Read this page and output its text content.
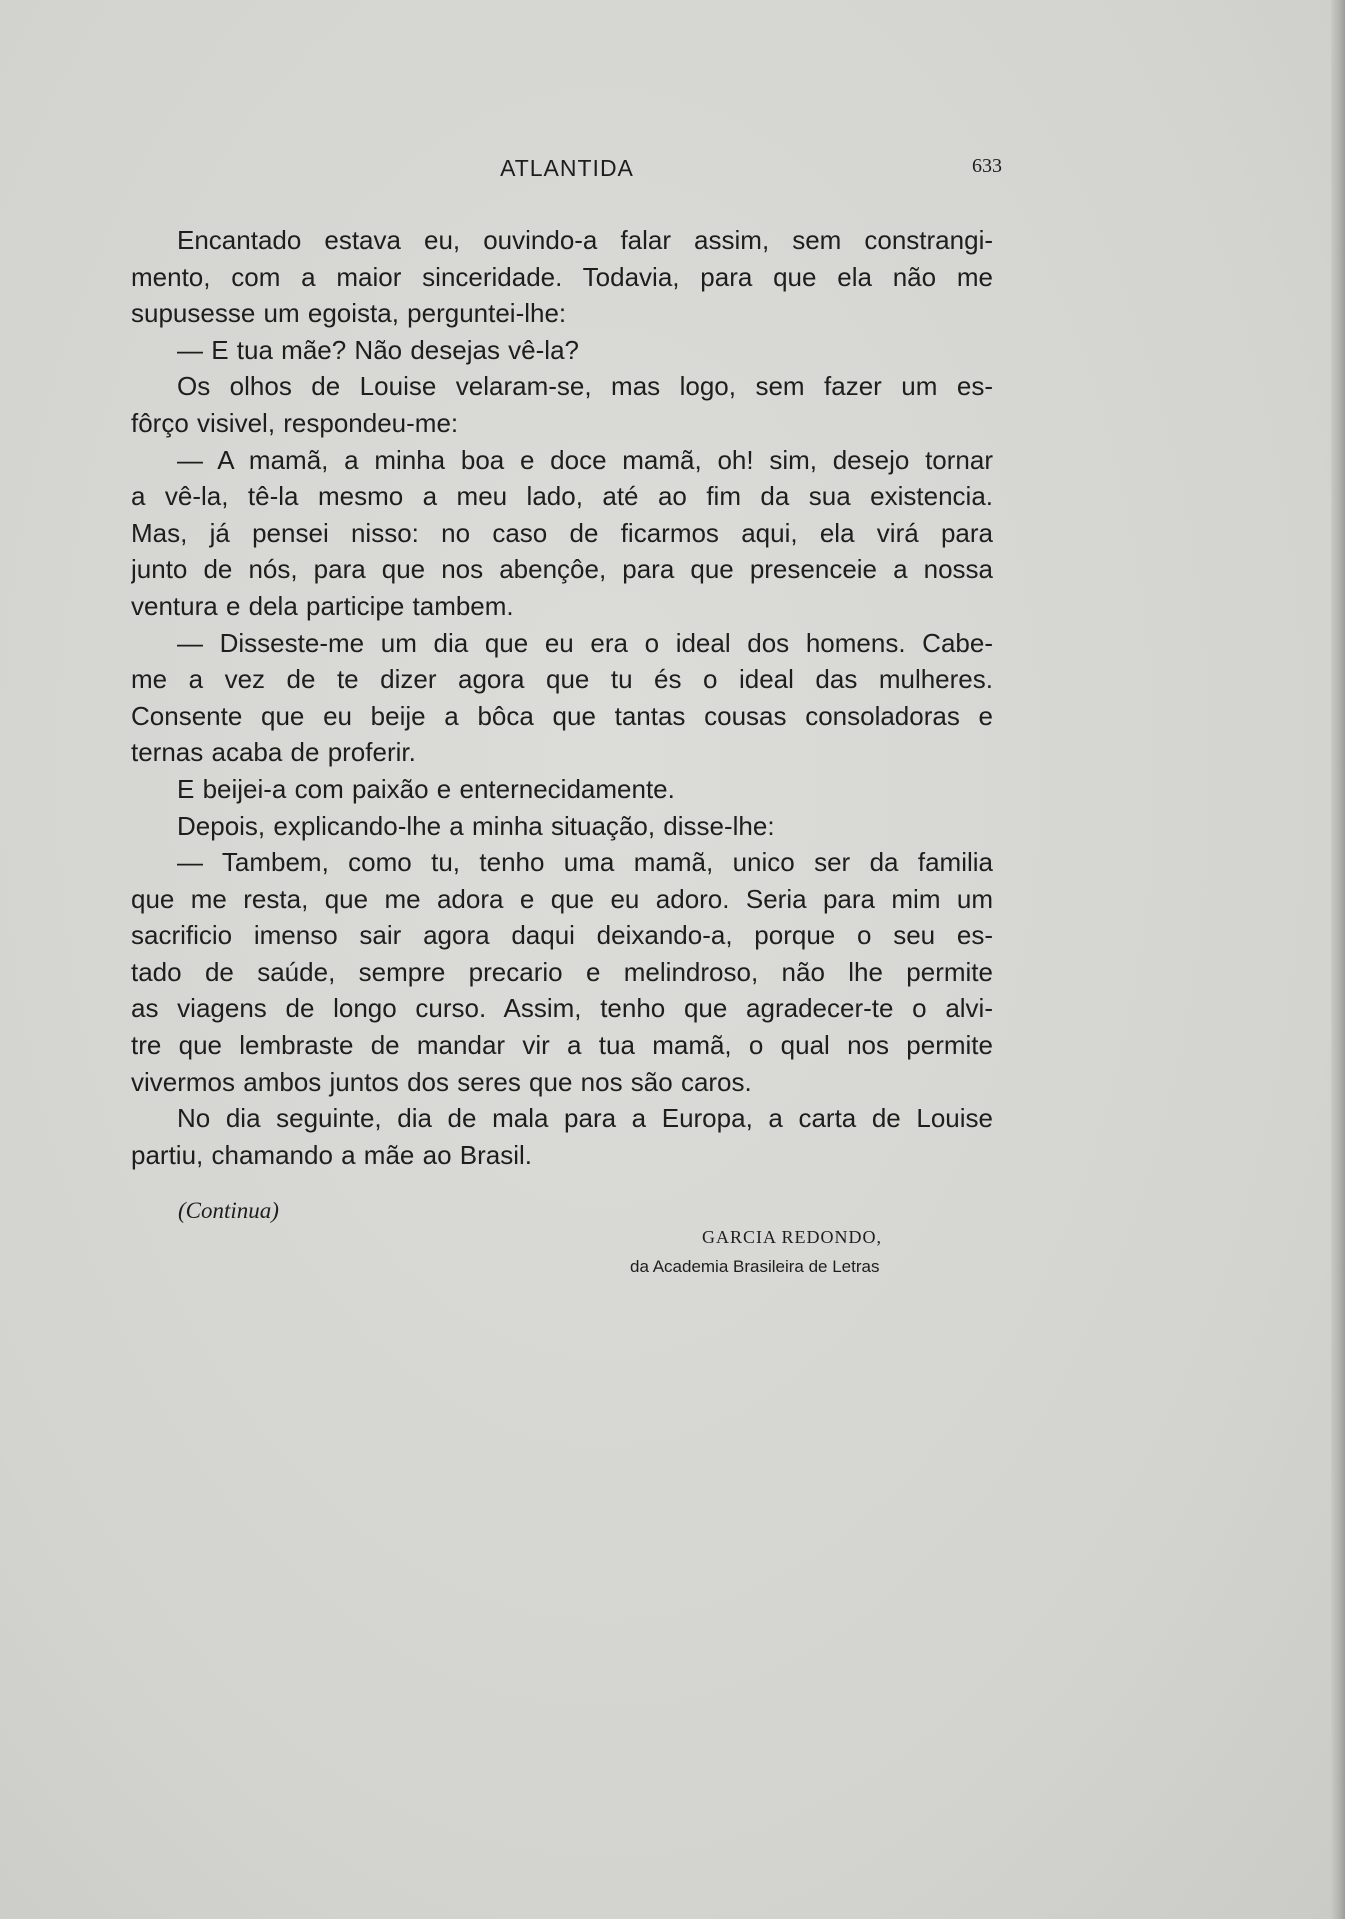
ATLANTIDA	633
Encantado estava eu, ouvindo-a falar assim, sem constrangi-
mento, com a maior sinceridade. Todavia, para que ela não me
supusesse um egoista, perguntei-lhe:
— E tua mãe? Não desejas vê-la?
Os olhos de Louise velaram-se, mas logo, sem fazer um es-
fôrço visivel, respondeu-me:
— A mamã, a minha boa e doce mamã, oh! sim, desejo tornar
a vê-la, tê-la mesmo a meu lado, até ao fim da sua existencia.
Mas, já pensei nisso: no caso de ficarmos aqui, ela virá para
junto de nós, para que nos abençôe, para que presenceie a nossa
ventura e dela participe tambem.
— Disseste-me um dia que eu era o ideal dos homens. Cabe-
me a vez de te dizer agora que tu és o ideal das mulheres.
Consente que eu beije a bôca que tantas cousas consoladoras e
ternas acaba de proferir.
E beijei-a com paixão e enternecidamente.
Depois, explicando-lhe a minha situação, disse-lhe:
— Tambem, como tu, tenho uma mamã, unico ser da familia
que me resta, que me adora e que eu adoro. Seria para mim um
sacrificio imenso sair agora daqui deixando-a, porque o seu es-
tado de saúde, sempre precario e melindroso, não lhe permite
as viagens de longo curso. Assim, tenho que agradecer-te o alvi-
tre que lembraste de mandar vir a tua mamã, o qual nos permite
vivermos ambos juntos dos seres que nos são caros.
No dia seguinte, dia de mala para a Europa, a carta de Louise
partiu, chamando a mãe ao Brasil.
(Continua)
GARCIA REDONDO,
da Academia Brasileira de Letras
